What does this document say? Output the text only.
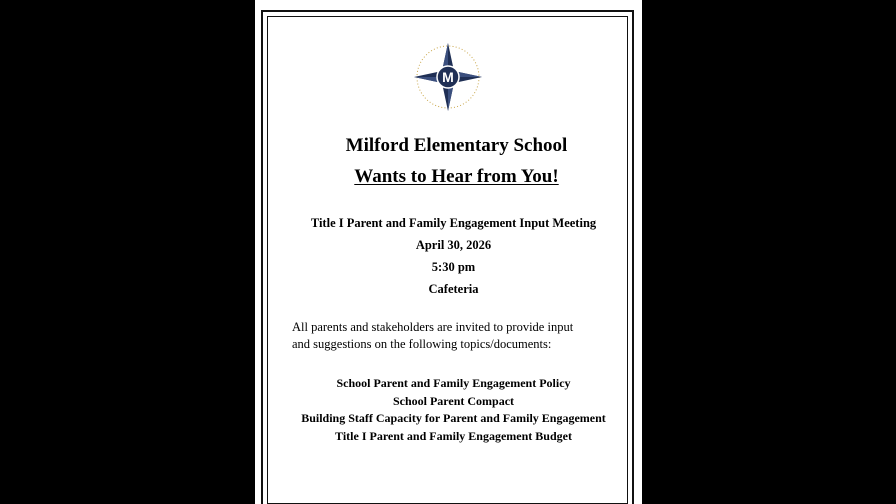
M
Milford Elementary School
Wants to Hear from You!
Title I Parent and Family Engagement Input Meeting
April 30, 2026
5:30 pm
Cafeteria
All parents and stakeholders are invited to provide input
and suggestions on the following topics/documents:
School Parent and Family Engagement Policy
School Parent Compact
Building Staff Capacity for Parent and Family Engagement
Title I Parent and Family Engagement Budget
